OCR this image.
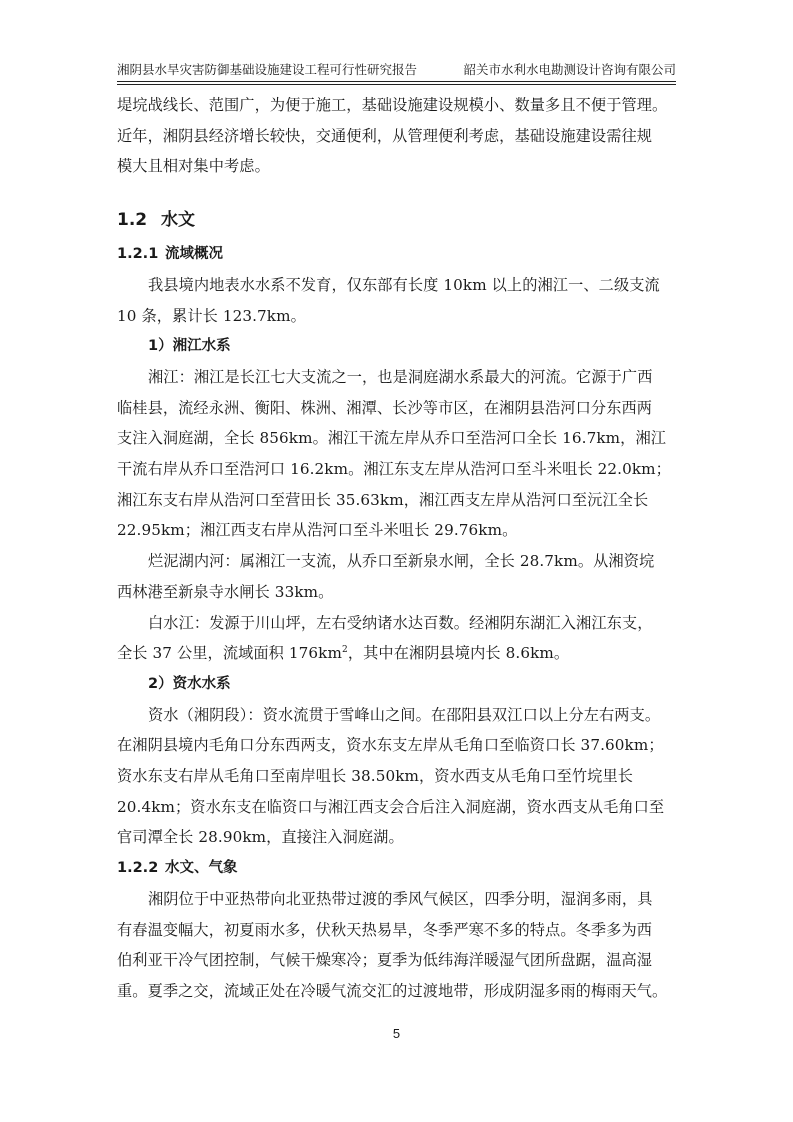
湘阴县水旱灾害防御基础设施建设工程可行性研究报告	韶关市水利水电勘测设计咨询有限公司

堤垸战线长、范围广，为便于施工，基础设施建设规模小、数量多且不便于管理。
近年，湘阴县经济增长较快，交通便利，从管理便利考虑，基础设施建设需往规
模大且相对集中考虑。

1.2 水文
1.2.1 流域概况

我县境内地表水水系不发育，仅东部有长度 10km 以上的湘江一、二级支流
10 条，累计长 123.7km。

1）湘江水系

湘江：湘江是长江七大支流之一，也是洞庭湖水系最大的河流。它源于广西
临桂县，流经永洲、衡阳、株洲、湘潭、长沙等市区，在湘阴县浩河口分东西两
支注入洞庭湖，全长 856km。湘江干流左岸从乔口至浩河口全长 16.7km，湘江
干流右岸从乔口至浩河口 16.2km。湘江东支左岸从浩河口至斗米咀长 22.0km；
湘江东支右岸从浩河口至营田长 35.63km，湘江西支左岸从浩河口至沅江全长
22.95km；湘江西支右岸从浩河口至斗米咀长 29.76km。

烂泥湖内河：属湘江一支流，从乔口至新泉水闸，全长 28.7km。从湘资垸
西林港至新泉寺水闸长 33km。

白水江：发源于川山坪，左右受纳诸水达百数。经湘阴东湖汇入湘江东支，
全长 37 公里，流域面积 $176km^2$，其中在湘阴县境内长 8.6km。

2）资水水系

资水（湘阴段）：资水流贯于雪峰山之间。在邵阳县双江口以上分左右两支。
在湘阴县境内毛角口分东西两支，资水东支左岸从毛角口至临资口长 37.60km；
资水东支右岸从毛角口至南岸咀长 38.50km，资水西支从毛角口至竹垸里长
20.4km；资水东支在临资口与湘江西支会合后注入洞庭湖，资水西支从毛角口至
官司潭全长 28.90km，直接注入洞庭湖。

1.2.2 水文、气象

湘阴位于中亚热带向北亚热带过渡的季风气候区，四季分明，湿润多雨，具
有春温变幅大，初夏雨水多，伏秋天热易旱，冬季严寒不多的特点。冬季多为西
伯利亚干冷气团控制，气候干燥寒冷；夏季为低纬海洋暖湿气团所盘踞，温高湿
重。夏季之交，流域正处在冷暖气流交汇的过渡地带，形成阴湿多雨的梅雨天气。

5
